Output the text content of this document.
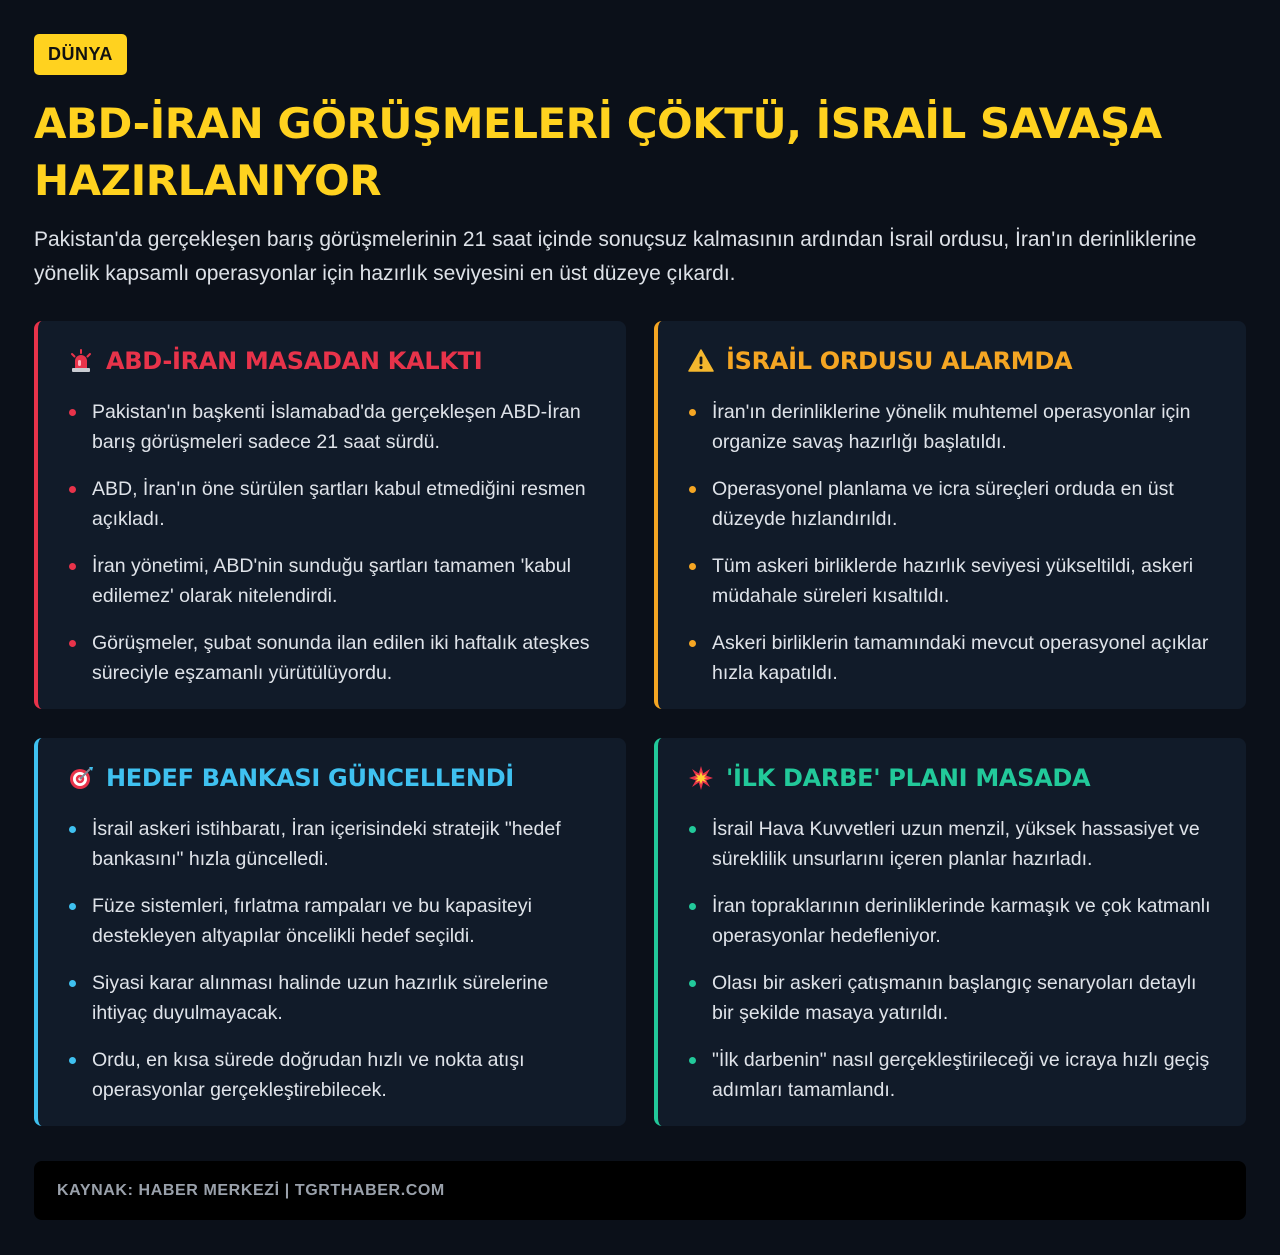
DÜNYA
ABD-İRAN GÖRÜŞMELERİ ÇÖKTÜ, İSRAİL SAVAŞA HAZIRLANIYOR

Pakistan'da gerçekleşen barış görüşmelerinin 21 saat içinde sonuçsuz kalmasının ardından İsrail ordusu, İran'ın derinliklerine yönelik kapsamlı operasyonlar için hazırlık seviyesini en üst düzeye çıkardı.

ABD-İRAN MASADAN KALKTI
Pakistan'ın başkenti İslamabad'da gerçekleşen ABD-İran barış görüşmeleri sadece 21 saat sürdü.
ABD, İran'ın öne sürülen şartları kabul etmediğini resmen açıkladı.
İran yönetimi, ABD'nin sunduğu şartları tamamen 'kabul edilemez' olarak nitelendirdi.
Görüşmeler, şubat sonunda ilan edilen iki haftalık ateşkes süreciyle eşzamanlı yürütülüyordu.
İSRAİL ORDUSU ALARMDA
İran'ın derinliklerine yönelik muhtemel operasyonlar için organize savaş hazırlığı başlatıldı.
Operasyonel planlama ve icra süreçleri orduda en üst düzeyde hızlandırıldı.
Tüm askeri birliklerde hazırlık seviyesi yükseltildi, askeri müdahale süreleri kısaltıldı.
Askeri birliklerin tamamındaki mevcut operasyonel açıklar hızla kapatıldı.
HEDEF BANKASI GÜNCELLENDİ
İsrail askeri istihbaratı, İran içerisindeki stratejik "hedef bankasını" hızla güncelledi.
Füze sistemleri, fırlatma rampaları ve bu kapasiteyi destekleyen altyapılar öncelikli hedef seçildi.
Siyasi karar alınması halinde uzun hazırlık sürelerine ihtiyaç duyulmayacak.
Ordu, en kısa sürede doğrudan hızlı ve nokta atışı operasyonlar gerçekleştirebilecek.
'İLK DARBE' PLANI MASADA
İsrail Hava Kuvvetleri uzun menzil, yüksek hassasiyet ve süreklilik unsurlarını içeren planlar hazırladı.
İran topraklarının derinliklerinde karmaşık ve çok katmanlı operasyonlar hedefleniyor.
Olası bir askeri çatışmanın başlangıç senaryoları detaylı bir şekilde masaya yatırıldı.
"İlk darbenin" nasıl gerçekleştirileceği ve icraya hızlı geçiş adımları tamamlandı.
KAYNAK: HABER MERKEZİ | TGRTHABER.COM
